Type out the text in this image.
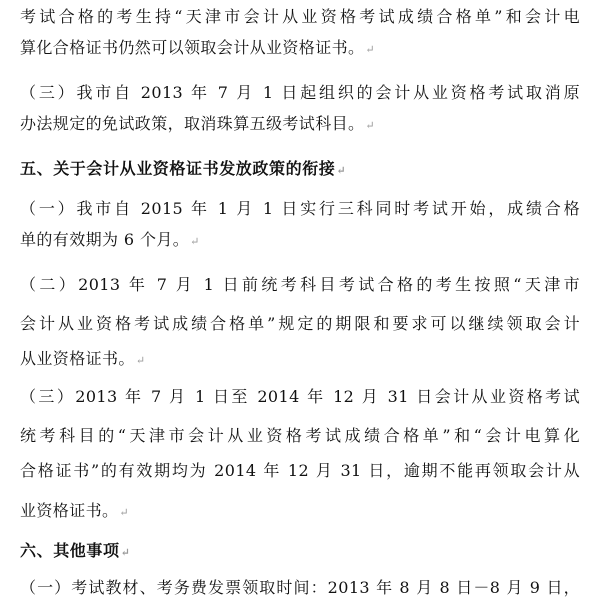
考试合格的考生持“天津市会计从业资格考试成绩合格单”和会计电
算化合格证书仍然可以领取会计从业资格证书。↵
（三）我市自 2013 年 7 月 1 日起组织的会计从业资格考试取消原
办法规定的免试政策，取消珠算五级考试科目。↵
五、关于会计从业资格证书发放政策的衔接↵
（一）我市自 2015 年 1 月 1 日实行三科同时考试开始，成绩合格
单的有效期为 6 个月。↵
（二）2013 年 7 月 1 日前统考科目考试合格的考生按照“天津市
会计从业资格考试成绩合格单”规定的期限和要求可以继续领取会计
从业资格证书。↵
（三）2013 年 7 月 1 日至 2014 年 12 月 31 日会计从业资格考试
统考科目的“天津市会计从业资格考试成绩合格单”和“会计电算化
合格证书”的有效期均为 2014 年 12 月 31 日，逾期不能再领取会计从
业资格证书。↵
六、其他事项↵
（一）考试教材、考务费发票领取时间：2013 年 8 月 8 日－8 月 9 日，
